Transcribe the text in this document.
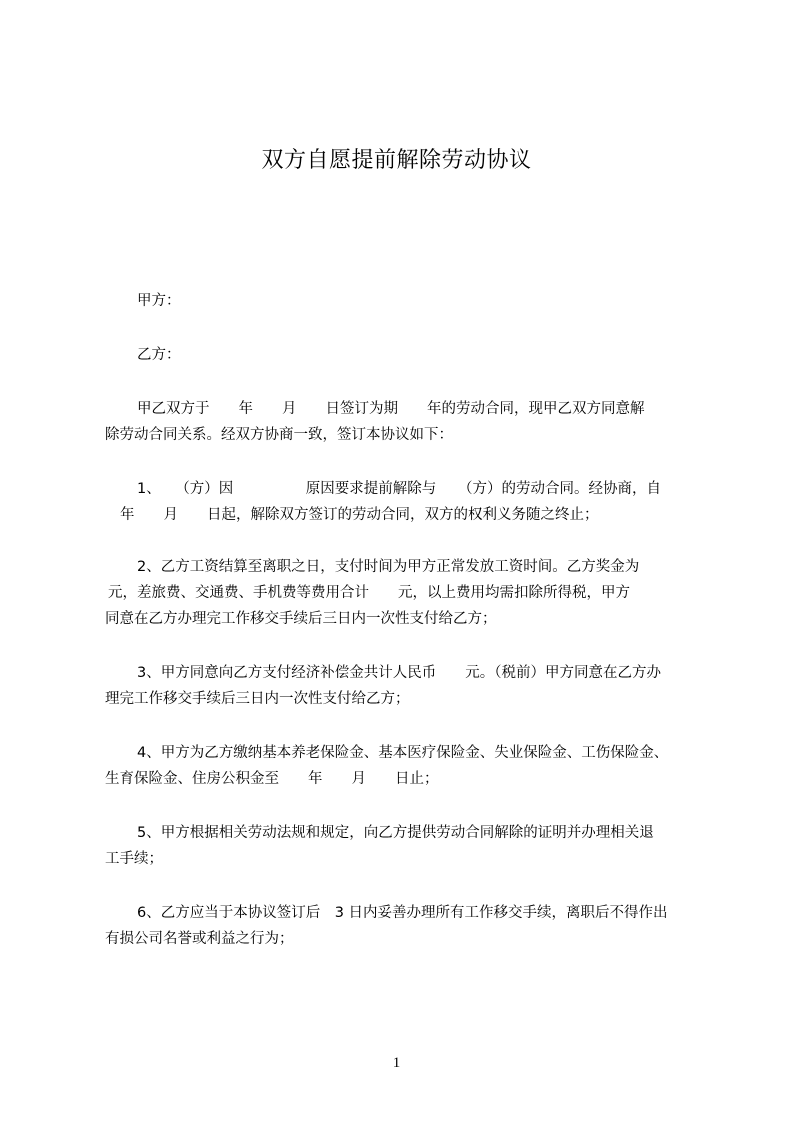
双方自愿提前解除劳动协议
甲方：
乙方：
甲乙双方于　　年　　月　　日签订为期　　年的劳动合同，现甲乙双方同意解
除劳动合同关系。经双方协商一致，签订本协议如下：
1、　　（方）因　　　　　原因要求提前解除与　　（方）的劳动合同。经协商，自
年　　月　　日起，解除双方签订的劳动合同，双方的权利义务随之终止；
2、乙方工资结算至离职之日，支付时间为甲方正常发放工资时间。乙方奖金为
元，差旅费、交通费、手机费等费用合计　　元，以上费用均需扣除所得税，甲方
同意在乙方办理完工作移交手续后三日内一次性支付给乙方；
3、甲方同意向乙方支付经济补偿金共计人民币　　元。（税前）甲方同意在乙方办
理完工作移交手续后三日内一次性支付给乙方；
4、甲方为乙方缴纳基本养老保险金、基本医疗保险金、失业保险金、工伤保险金、
生育保险金、住房公积金至　　年　　月　　日止；
5、甲方根据相关劳动法规和规定，向乙方提供劳动合同解除的证明并办理相关退
工手续；
6、乙方应当于本协议签订后　3 日内妥善办理所有工作移交手续，离职后不得作出
有损公司名誉或利益之行为；
1
